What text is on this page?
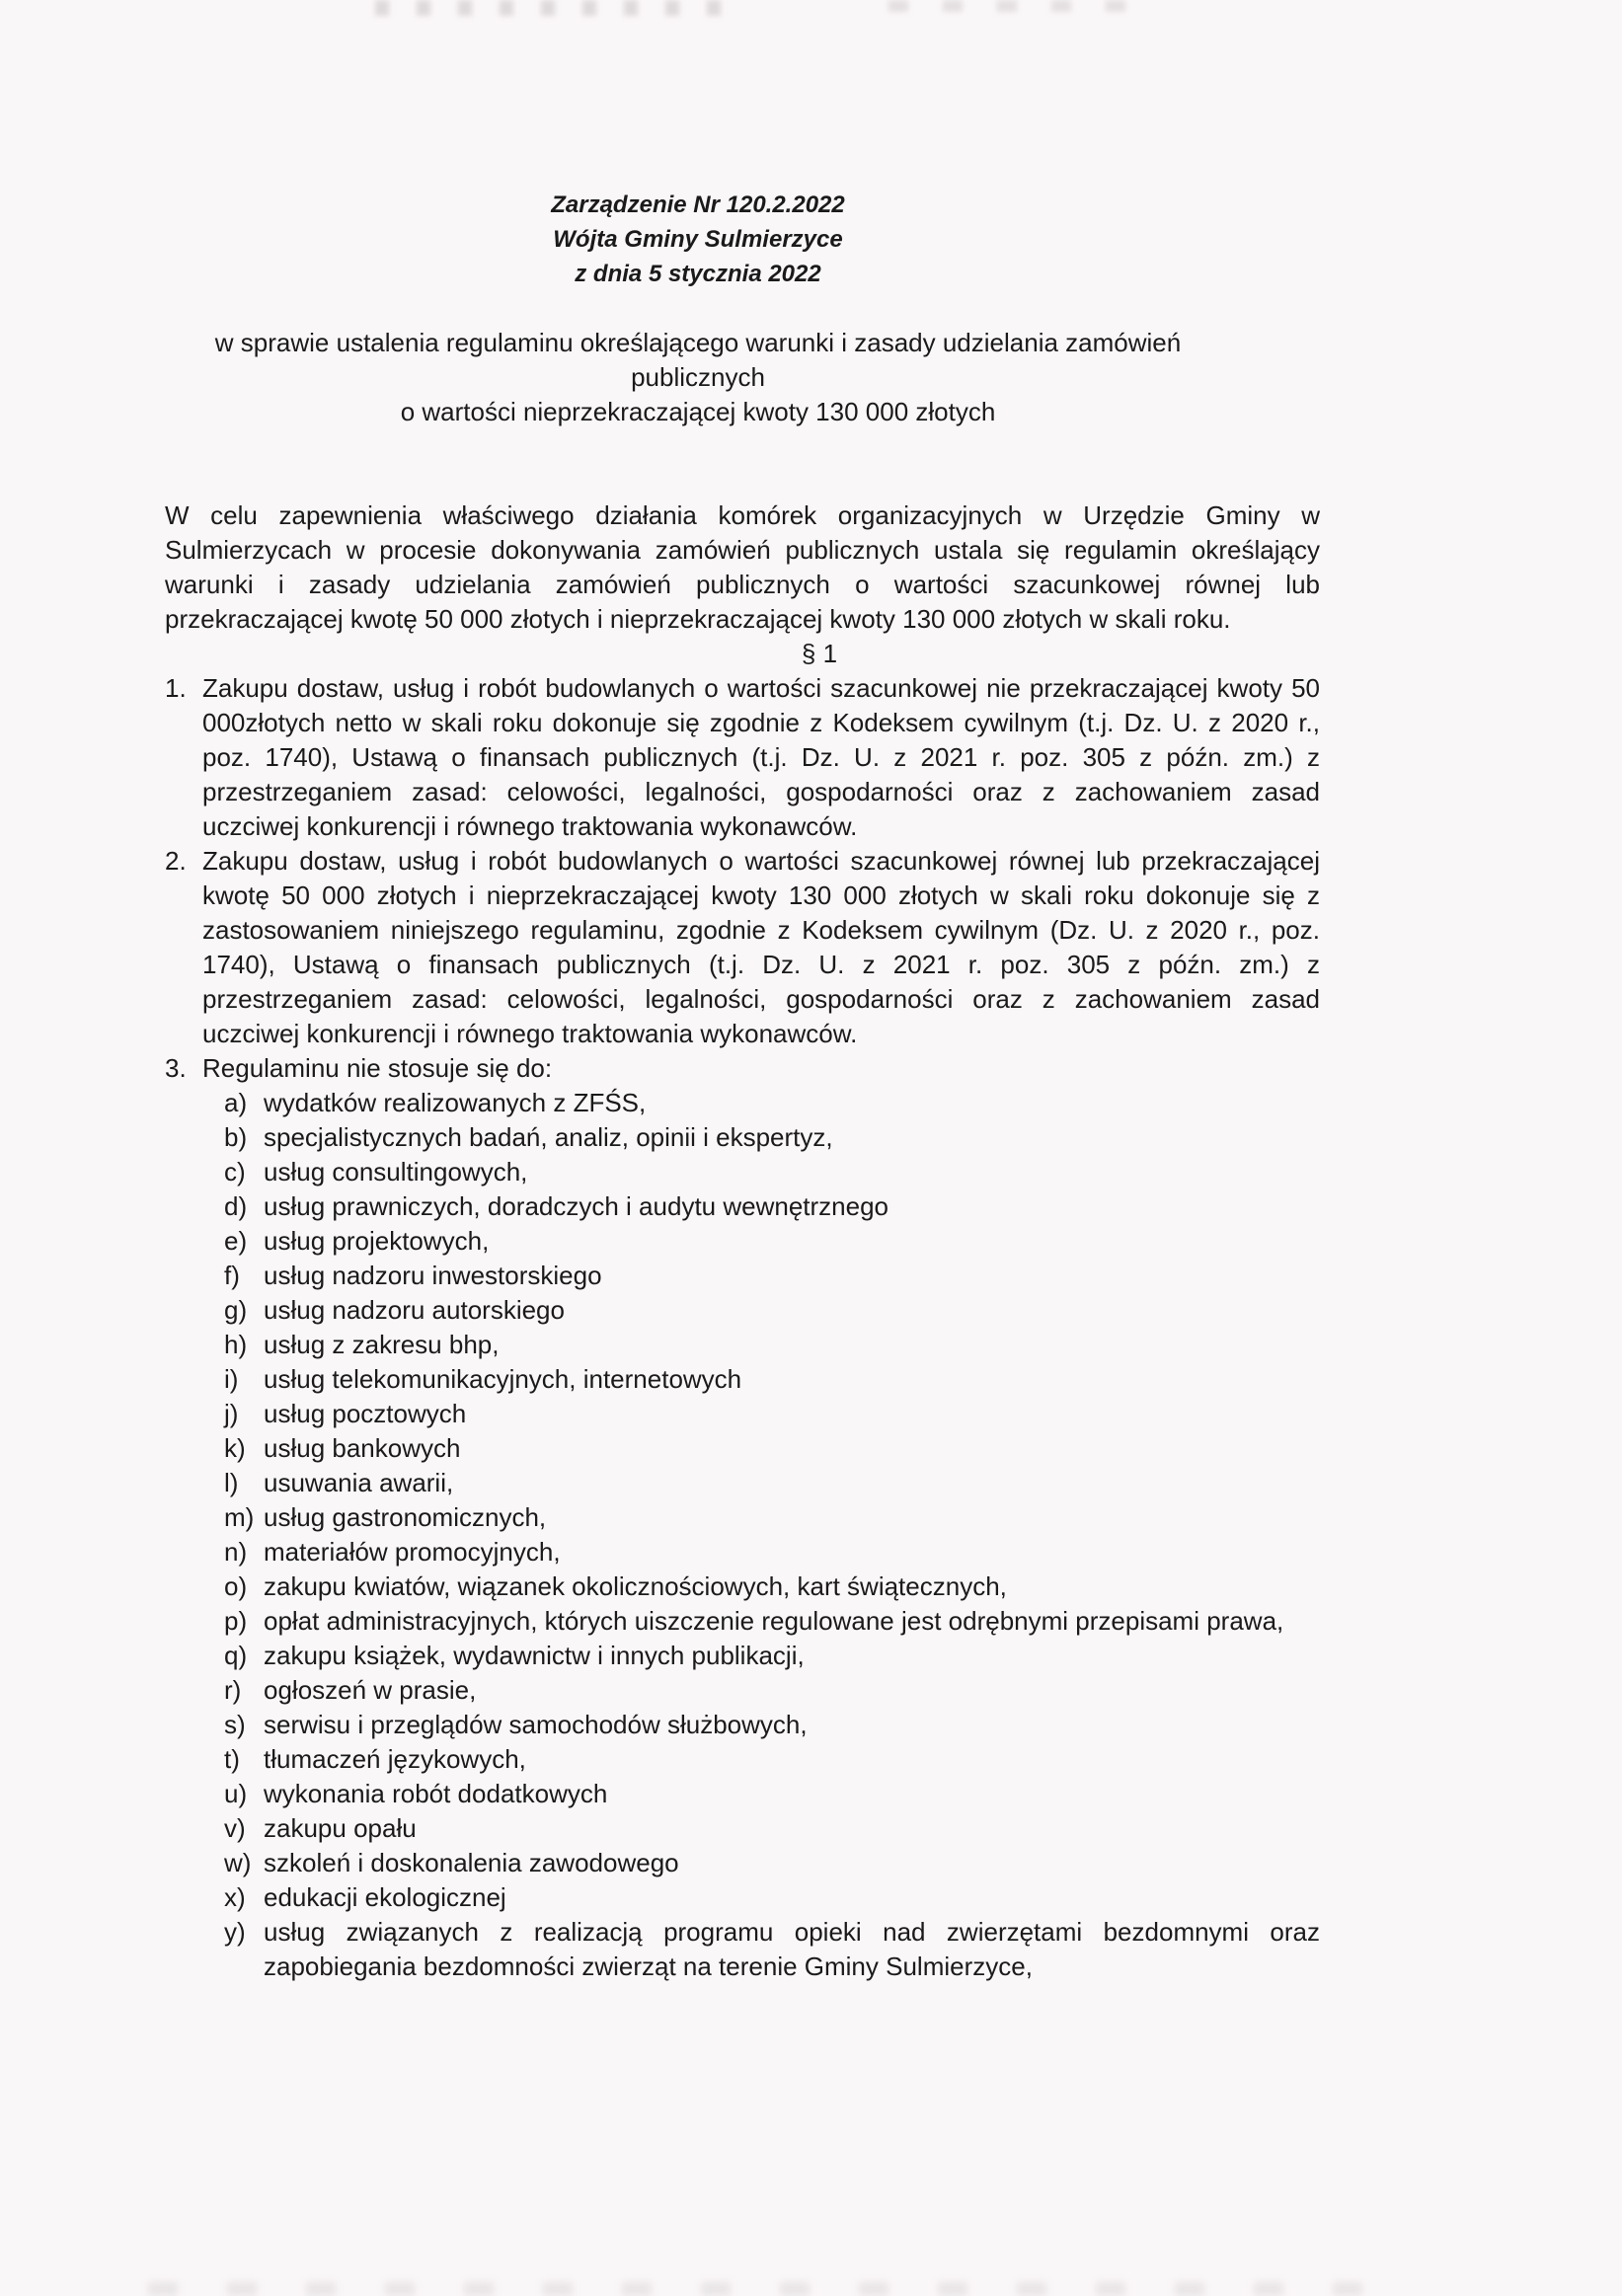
Zarządzenie Nr 120.2.2022
Wójta Gminy Sulmierzyce
z dnia 5 stycznia 2022
w sprawie ustalenia regulaminu określającego warunki i zasady udzielania zamówień
publicznych
o wartości nieprzekraczającej kwoty 130 000 złotych

W celu zapewnienia właściwego działania komórek organizacyjnych w Urzędzie Gminy w Sulmierzycach w procesie dokonywania zamówień publicznych ustala się regulamin określający warunki i zasady udzielania zamówień publicznych o wartości szacunkowej równej lub przekraczającej kwotę 50 000 złotych i nieprzekraczającej kwoty 130 000 złotych w skali roku.

§ 1
1. Zakupu dostaw, usług i robót budowlanych o wartości szacunkowej nie przekraczającej kwoty 50 000złotych netto w skali roku dokonuje się zgodnie z Kodeksem cywilnym (t.j. Dz. U. z 2020 r., poz. 1740), Ustawą o finansach publicznych (t.j. Dz. U. z 2021 r. poz. 305 z późn. zm.) z przestrzeganiem zasad: celowości, legalności, gospodarności oraz z zachowaniem zasad uczciwej konkurencji i równego traktowania wykonawców.
2. Zakupu dostaw, usług i robót budowlanych o wartości szacunkowej równej lub przekraczającej kwotę 50 000 złotych i nieprzekraczającej kwoty 130 000 złotych w skali roku dokonuje się z zastosowaniem niniejszego regulaminu, zgodnie z Kodeksem cywilnym (Dz. U. z 2020 r., poz. 1740), Ustawą o finansach publicznych (t.j. Dz. U. z 2021 r. poz. 305 z późn. zm.) z przestrzeganiem zasad: celowości, legalności, gospodarności oraz z zachowaniem zasad uczciwej konkurencji i równego traktowania wykonawców.
3. Regulaminu nie stosuje się do:
a) wydatków realizowanych z ZFŚS,
b) specjalistycznych badań, analiz, opinii i ekspertyz,
c) usług consultingowych,
d) usług prawniczych, doradczych i audytu wewnętrznego
e) usług projektowych,
f) usług nadzoru inwestorskiego
g) usług nadzoru autorskiego
h) usług z zakresu bhp,
i) usług telekomunikacyjnych, internetowych
j) usług pocztowych
k) usług bankowych
l) usuwania awarii,
m) usług gastronomicznych,
n) materiałów promocyjnych,
o) zakupu kwiatów, wiązanek okolicznościowych, kart świątecznych,
p) opłat administracyjnych, których uiszczenie regulowane jest odrębnymi przepisami prawa,
q) zakupu książek, wydawnictw i innych publikacji,
r) ogłoszeń w prasie,
s) serwisu i przeglądów samochodów służbowych,
t) tłumaczeń językowych,
u) wykonania robót dodatkowych
v) zakupu opału
w) szkoleń i doskonalenia zawodowego
x) edukacji ekologicznej
y) usług związanych z realizacją programu opieki nad zwierzętami bezdomnymi oraz zapobiegania bezdomności zwierząt na terenie Gminy Sulmierzyce,
